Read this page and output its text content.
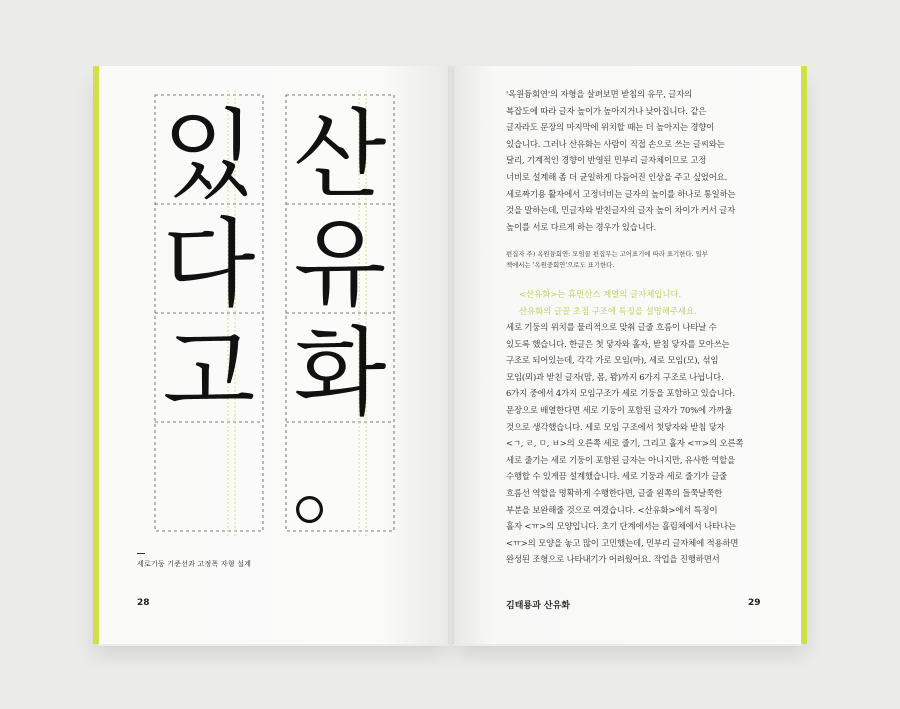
산
유
화
。
있
다
고
세로기둥 기준선과 고정폭 자형 설계
28
'옥원듕회연'의 자형을 살펴보면 받침의 유무, 글자의
복잡도에 따라 글자 높이가 높아지거나 낮아집니다. 같은
글자라도 문장의 마지막에 위치할 때는 더 높아지는 경향이
있습니다. 그러나 산유화는 사람이 직접 손으로 쓰는 글씨와는
달리, 기계적인 경향이 반영된 민부리 글자체이므로 고정
너비로 설계해 좀 더 균일하게 다듬어진 인상을 주고 싶었어요.
세로짜기용 활자에서 고정너비는 글자의 높이를 하나로 통일하는
것을 말하는데, 민글자와 받친글자의 글자 높이 차이가 커서 글자
높이를 서로 다르게 하는 경우가 있습니다.
편집자 주) 옥원듕회연: 모임꼴 편집무는 고어표기에 따라 표기한다. 일부
책에서는 '옥원중회연'으로도 표기한다.
<산유화>는 휴먼산스 계열의 글자체입니다.
산유화의 글꼴 초점 구조에 특징을 설명해주세요.
세로 기둥의 위치를 물리적으로 맞춰 글줄 흐름이 나타날 수
있도록 했습니다. 한글은 첫 닿자와 홀자, 받침 닿자를 모아쓰는
구조로 되어있는데, 각각 가로 모임(마), 세로 모임(모), 섞임
모임(뫼)과 받친 글자(맘, 몸, 뫔)까지 6가지 구조로 나뉩니다.
6가지 중에서 4가지 모임구조가 세로 기둥을 포함하고 있습니다.
문장으로 배열한다면 세로 기둥이 포함된 글자가 70%에 가까울
것으로 생각했습니다. 세로 모임 구조에서 첫닿자와 받침 닿자
<ㄱ, ㄹ, ㅁ, ㅂ>의 오른쪽 세로 줄기, 그리고 홀자 <ㅠ>의 오른쪽
세로 줄기는 세로 기둥이 포함된 글자는 아니지만, 유사한 역할을
수행할 수 있게끔 설계했습니다. 세로 기둥과 세로 줄기가 글줄
흐름선 역할을 명확하게 수행한다면, 글줄 왼쪽의 들쭉날쭉한
부분을 보완해줄 것으로 여겼습니다. <산유화>에서 특징이
홀자 <ㅠ>의 모양입니다. 초기 단계에서는 흘림체에서 나타나는
<ㅠ>의 모양을 놓고 많이 고민했는데, 민부리 글자체에 적용하면
완성된 조형으로 나타내기가 어려웠어요. 작업을 진행하면서
김태룡과 산유화	29
